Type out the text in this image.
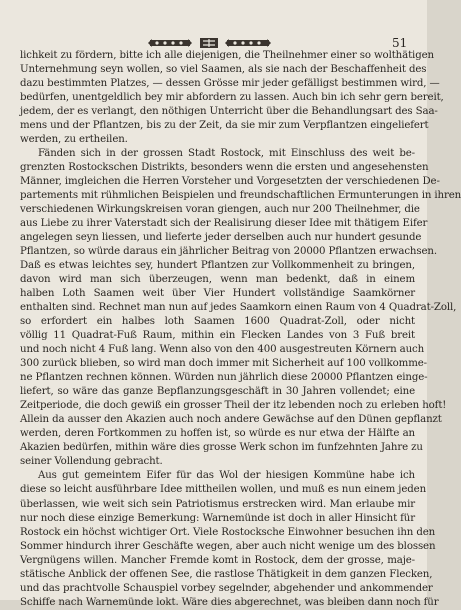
51
lichkeit zu fördern, bitte ich alle diejenigen, die Theilnehmer einer so wolthätigen
Unternehmung seyn wollen, so viel Saamen, als sie nach der Beschaffenheit des
dazu bestimmten Platzes, — dessen Grösse mir jeder gefälligst bestimmen wird, —
bedürfen, unentgeldlich bey mir abfordern zu lassen. Auch bin ich sehr gern bereit,
jedem, der es verlangt, den nöthigen Unterricht über die Behandlungsart des Saa-
mens und der Pflantzen, bis zu der Zeit, da sie mir zum Verpflantzen eingeliefert
werden, zu ertheilen.
Fänden sich in der grossen Stadt Rostock, mit Einschluss des weit be-
grenzten Rostockschen Distrikts, besonders wenn die ersten und angesehensten
Männer, imgleichen die Herren Vorsteher und Vorgesetzten der verschiedenen De-
partements mit rühmlichen Beispielen und freundschaftlichen Ermunterungen in ihren
verschiedenen Wirkungskreisen voran giengen, auch nur 200 Theilnehmer, die
aus Liebe zu ihrer Vaterstadt sich der Realisirung dieser Idee mit thätigem Eifer
angelegen seyn liessen, und lieferte jeder derselben auch nur hundert gesunde
Pflantzen, so würde daraus ein jährlicher Beitrag von 20000 Pflantzen erwachsen.
Daß es etwas leichtes sey, hundert Pflantzen zur Vollkommenheit zu bringen,
davon wird man sich überzeugen, wenn man bedenkt, daß in einem
halben Loth Saamen weit über Vier Hundert vollständige Saamkörner
enthalten sind. Rechnet man nun auf jedes Saamkorn einen Raum von 4 Quadrat-Zoll,
so erfordert ein halbes loth Saamen 1600 Quadrat-Zoll, oder nicht
völlig 11 Quadrat-Fuß Raum, mithin ein Flecken Landes von 3 Fuß breit
und noch nicht 4 Fuß lang. Wenn also von den 400 ausgestreuten Körnern auch
300 zurück blieben, so wird man doch immer mit Sicherheit auf 100 vollkomme-
ne Pflantzen rechnen können. Würden nun jährlich diese 20000 Pflantzen einge-
liefert, so wäre das ganze Bepflanzungsgeschäft in 30 Jahren vollendet; eine
Zeitperiode, die doch gewiß ein grosser Theil der itz lebenden noch zu erleben hoft!
Allein da ausser den Akazien auch noch andere Gewächse auf den Dünen gepflanzt
werden, deren Fortkommen zu hoffen ist, so würde es nur etwa der Hälfte an
Akazien bedürfen, mithin wäre dies grosse Werk schon im funfzehnten Jahre zu
seiner Vollendung gebracht.
Aus gut gemeintem Eifer für das Wol der hiesigen Kommüne habe ich
diese so leicht ausführbare Idee mittheilen wollen, und muß es nun einem jeden
überlassen, wie weit sich sein Patriotismus erstrecken wird. Man erlaube mir
nur noch diese einzige Bemerkung: Warnemünde ist doch in aller Hinsicht für
Rostock ein höchst wichtiger Ort. Viele Rostocksche Einwohner besuchen ihn den
Sommer hindurch ihrer Geschäfte wegen, aber auch nicht wenige um des blossen
Vergnügens willen. Mancher Fremde komt in Rostock, dem der grosse, maje-
stätische Anblick der offenen See, die rastlose Thätigkeit in dem ganzen Flecken,
und das prachtvolle Schauspiel vorbey segelnder, abgehender und ankommender
Schiffe nach Warnemünde lokt. Wäre dies abgerechnet, was bleiben dann noch für
